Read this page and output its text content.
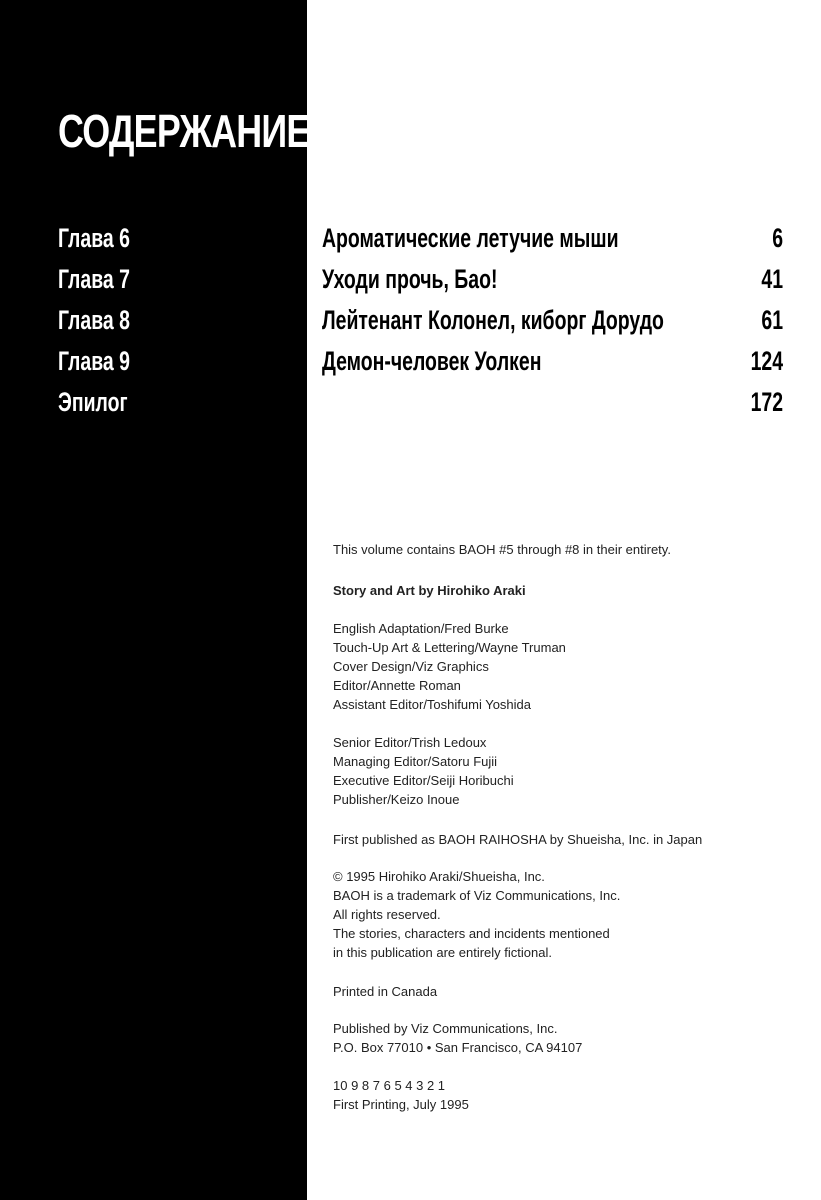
СОДЕРЖАНИЕ
Глава 6	Ароматические летучие мыши	6
Глава 7	Уходи прочь, Бао!	41
Глава 8	Лейтенант Колонел, киборг Дорудо	61
Глава 9	Демон-человек Уолкен	124
Эпилог	172
This volume contains BAOH #5 through #8 in their entirety.
Story and Art by Hirohiko Araki
English Adaptation/Fred Burke
Touch-Up Art & Lettering/Wayne Truman
Cover Design/Viz Graphics
Editor/Annette Roman
Assistant Editor/Toshifumi Yoshida
Senior Editor/Trish Ledoux
Managing Editor/Satoru Fujii
Executive Editor/Seiji Horibuchi
Publisher/Keizo Inoue
First published as BAOH RAIHOSHA by Shueisha, Inc. in Japan
© 1995 Hirohiko Araki/Shueisha, Inc.
BAOH is a trademark of Viz Communications, Inc.
All rights reserved.
The stories, characters and incidents mentioned
in this publication are entirely fictional.
Printed in Canada
Published by Viz Communications, Inc.
P.O. Box 77010 • San Francisco, CA 94107
10 9 8 7 6 5 4 3 2 1
First Printing, July 1995
